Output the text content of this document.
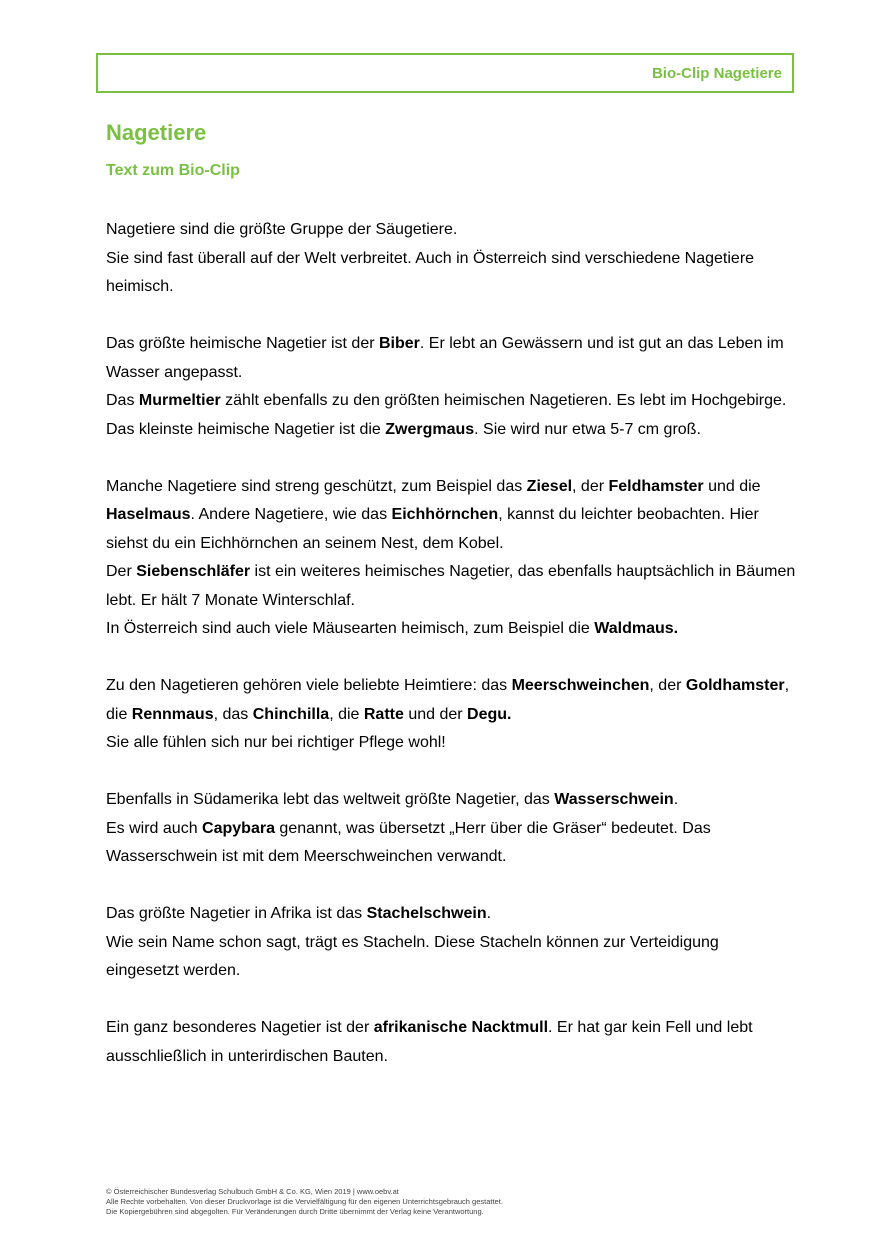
Bio-Clip Nagetiere
Nagetiere
Text zum Bio-Clip

Nagetiere sind die größte Gruppe der Säugetiere.
Sie sind fast überall auf der Welt verbreitet. Auch in Österreich sind verschiedene Nagetiere heimisch.

Das größte heimische Nagetier ist der Biber. Er lebt an Gewässern und ist gut an das Leben im Wasser angepasst.
Das Murmeltier zählt ebenfalls zu den größten heimischen Nagetieren. Es lebt im Hochgebirge.
Das kleinste heimische Nagetier ist die Zwergmaus. Sie wird nur etwa 5-7 cm groß.

Manche Nagetiere sind streng geschützt, zum Beispiel das Ziesel, der Feldhamster und die Haselmaus. Andere Nagetiere, wie das Eichhörnchen, kannst du leichter beobachten. Hier siehst du ein Eichhörnchen an seinem Nest, dem Kobel.
Der Siebenschläfer ist ein weiteres heimisches Nagetier, das ebenfalls hauptsächlich in Bäumen lebt. Er hält 7 Monate Winterschlaf.
In Österreich sind auch viele Mäusearten heimisch, zum Beispiel die Waldmaus.

Zu den Nagetieren gehören viele beliebte Heimtiere: das Meerschweinchen, der Goldhamster, die Rennmaus, das Chinchilla, die Ratte und der Degu.
Sie alle fühlen sich nur bei richtiger Pflege wohl!

Ebenfalls in Südamerika lebt das weltweit größte Nagetier, das Wasserschwein.
Es wird auch Capybara genannt, was übersetzt „Herr über die Gräser“ bedeutet. Das Wasserschwein ist mit dem Meerschweinchen verwandt.

Das größte Nagetier in Afrika ist das Stachelschwein.
Wie sein Name schon sagt, trägt es Stacheln. Diese Stacheln können zur Verteidigung eingesetzt werden.

Ein ganz besonderes Nagetier ist der afrikanische Nacktmull. Er hat gar kein Fell und lebt ausschließlich in unterirdischen Bauten.

© Österreichischer Bundesverlag Schulbuch GmbH & Co. KG, Wien 2019 | www.oebv.at
Alle Rechte vorbehalten. Von dieser Druckvorlage ist die Vervielfältigung für den eigenen Unterrichtsgebrauch gestattet.
Die Kopiergebühren sind abgegolten. Für Veränderungen durch Dritte übernimmt der Verlag keine Verantwortung.
